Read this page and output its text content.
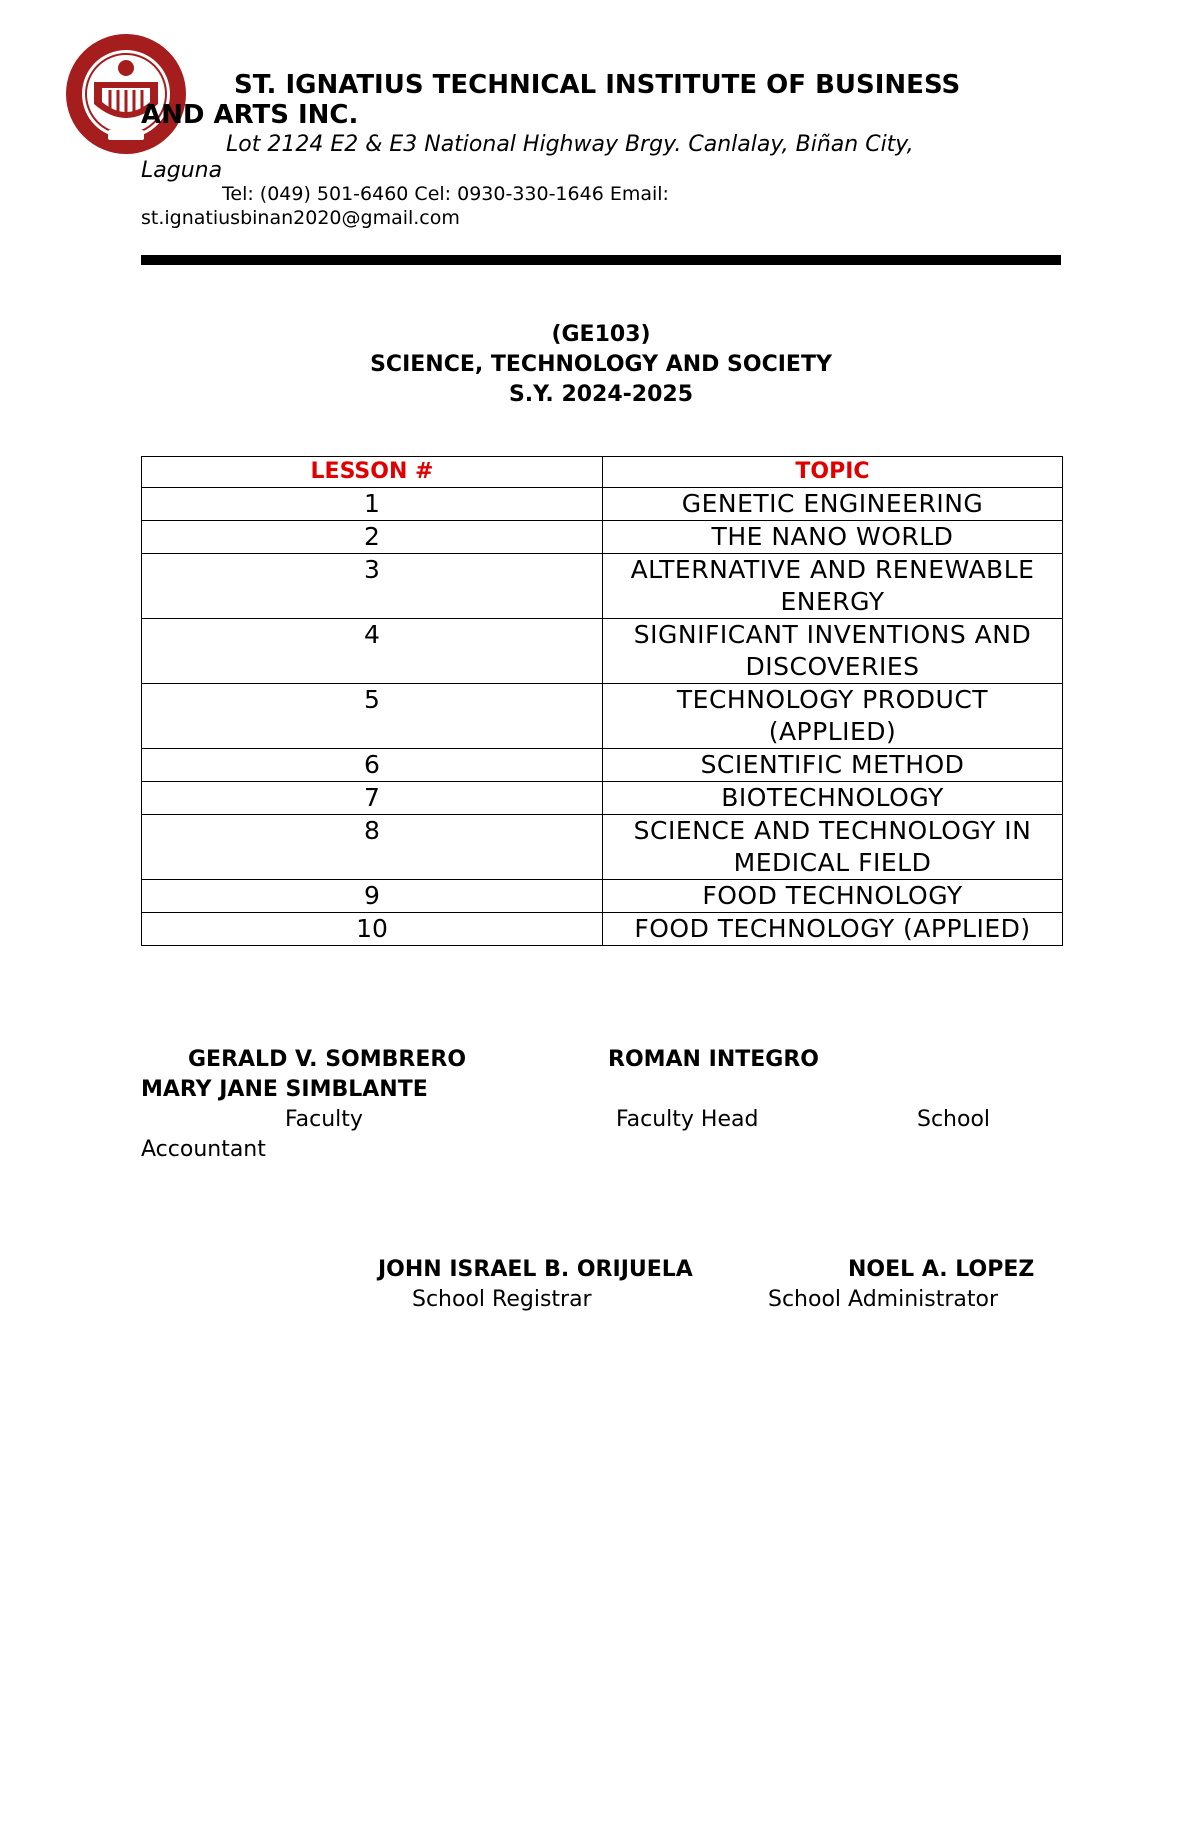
ST. IGNATIUS TECHNICAL INSTITUTE OF BUSINESS
AND ARTS INC.
Lot 2124 E2 & E3 National Highway Brgy. Canlalay, Biñan City,
Laguna
Tel: (049) 501-6460 Cel: 0930-330-1646 Email:
st.ignatiusbinan2020@gmail.com
(GE103)
SCIENCE, TECHNOLOGY AND SOCIETY
S.Y. 2024-2025
LESSON #	TOPIC
1	GENETIC ENGINEERING

2	THE NANO WORLD

3	ALTERNATIVE AND RENEWABLE
ENERGY

4	SIGNIFICANT INVENTIONS AND
DISCOVERIES

5	TECHNOLOGY PRODUCT
(APPLIED)

6	SCIENTIFIC METHOD

7	BIOTECHNOLOGY

8	SCIENCE AND TECHNOLOGY IN
MEDICAL FIELD

9	FOOD TECHNOLOGY

10	FOOD TECHNOLOGY (APPLIED)
GERALD V. SOMBRERO	ROMAN INTEGRO
MARY JANE SIMBLANTE
Faculty	Faculty Head	School
Accountant
JOHN ISRAEL B. ORIJUELA	NOEL A. LOPEZ
School Registrar	School Administrator
